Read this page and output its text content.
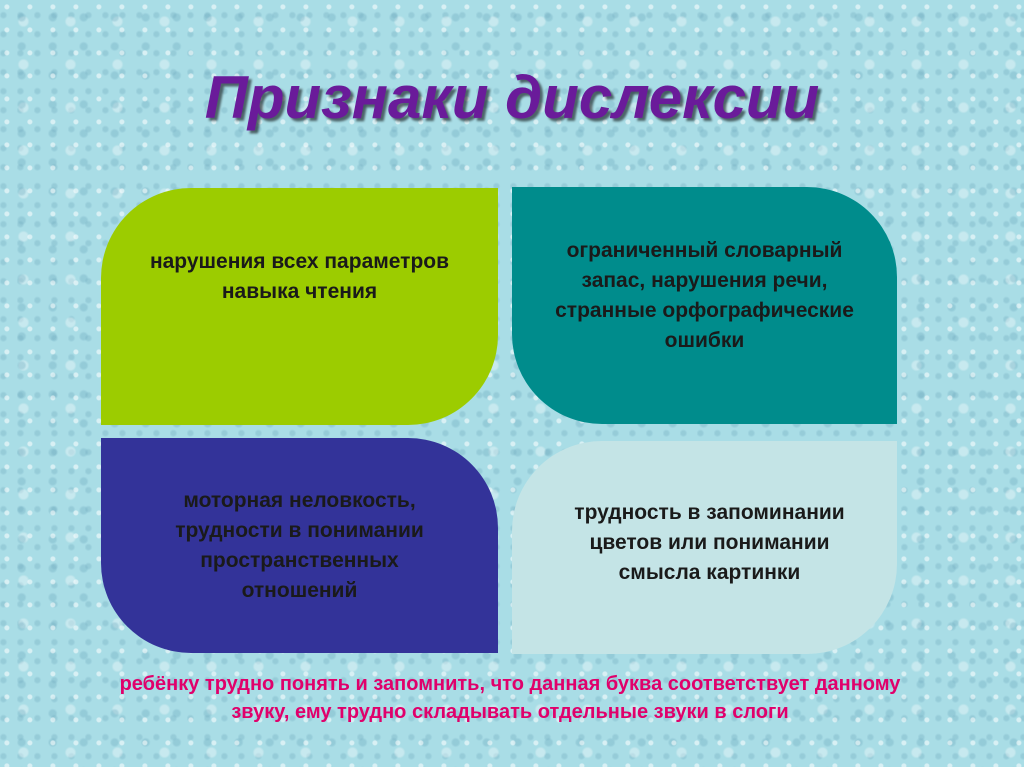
Признаки дислексии
нарушения всех параметров навыка чтения
ограниченный словарный запас, нарушения речи, странные орфографические ошибки
моторная неловкость, трудности в понимании пространственных отношений
трудность в запоминании цветов или понимании смысла картинки

ребёнку трудно понять и запомнить, что данная буква соответствует данному звуку, ему трудно складывать отдельные звуки в слоги
